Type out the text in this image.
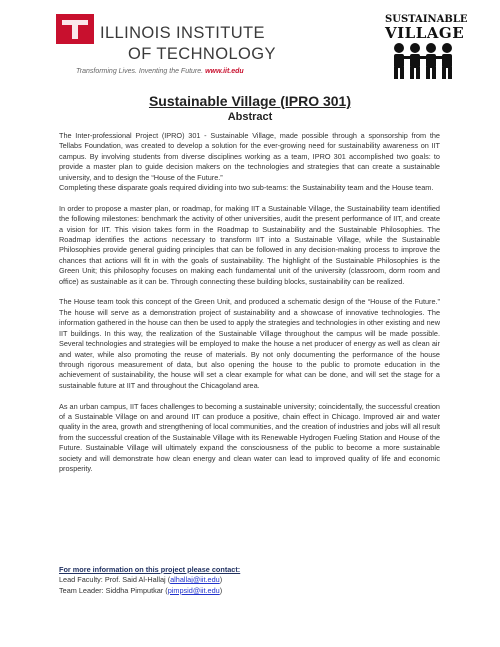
ILLINOIS INSTITUTE
OF TECHNOLOGY
Transforming Lives. Inventing the Future. www.iit.edu
SUSTAINABLE
VILLAGE
Sustainable Village (IPRO 301)
Abstract

The Inter-professional Project (IPRO) 301 - Sustainable Village, made possible through a sponsorship from the Tellabs Foundation, was created to develop a solution for the ever-growing need for sustainability awareness on IIT campus. By involving students from diverse disciplines working as a team, IPRO 301 accomplished two goals: to provide a master plan to guide decision makers on the technologies and strategies that can create a sustainable university, and to design the “House of the Future.”

Completing these disparate goals required dividing into two sub-teams: the Sustainability team and the House team.

In order to propose a master plan, or roadmap, for making IIT a Sustainable Village, the Sustainability team identified the following milestones: benchmark the activity of other universities, audit the present performance of IIT, and create a vision for IIT. This vision takes form in the Roadmap to Sustainability and the Sustainable Philosophies. The Roadmap identifies the actions necessary to transform IIT into a Sustainable Village, while the Sustainable Philosophies provide general guiding principles that can be followed in any decision-making process to improve the chances that actions will fit in with the goals of sustainability. The highlight of the Sustainable Philosophies is the Green Unit; this philosophy focuses on making each fundamental unit of the university (classroom, dorm room and office) as sustainable as it can be. Through connecting these building blocks, sustainability can be realized.

The House team took this concept of the Green Unit, and produced a schematic design of the “House of the Future.” The house will serve as a demonstration project of sustainability and a showcase of innovative technologies. The information gathered in the house can then be used to apply the strategies and technologies in other existing and new IIT buildings. In this way, the realization of the Sustainable Village throughout the campus will be made possible. Several technologies and strategies will be employed to make the house a net producer of energy as well as clean air and water, while also promoting the reuse of materials. By not only documenting the performance of the house through rigorous measurement of data, but also opening the house to the public to promote education in the achievement of sustainability, the house will set a clear example for what can be done, and will set the stage for a sustainable future at IIT and throughout the Chicagoland area.

As an urban campus, IIT faces challenges to becoming a sustainable university; coincidentally, the successful creation of a Sustainable Village on and around IIT can produce a positive, chain effect in Chicago. Improved air and water quality in the area, growth and strengthening of local communities, and the creation of industries and jobs will all result from the successful creation of the Sustainable Village with its Renewable Hydrogen Fueling Station and House of the Future. Sustainable Village will ultimately expand the consciousness of the public to become a more sustainable society and will demonstrate how clean energy and clean water can lead to improved quality of life and economic prosperity.

For more information on this project please contact:
Lead Faculty: Prof. Said Al-Hallaj (alhallaj@iit.edu)
Team Leader: Siddha Pimputkar (pimpsid@iit.edu)
